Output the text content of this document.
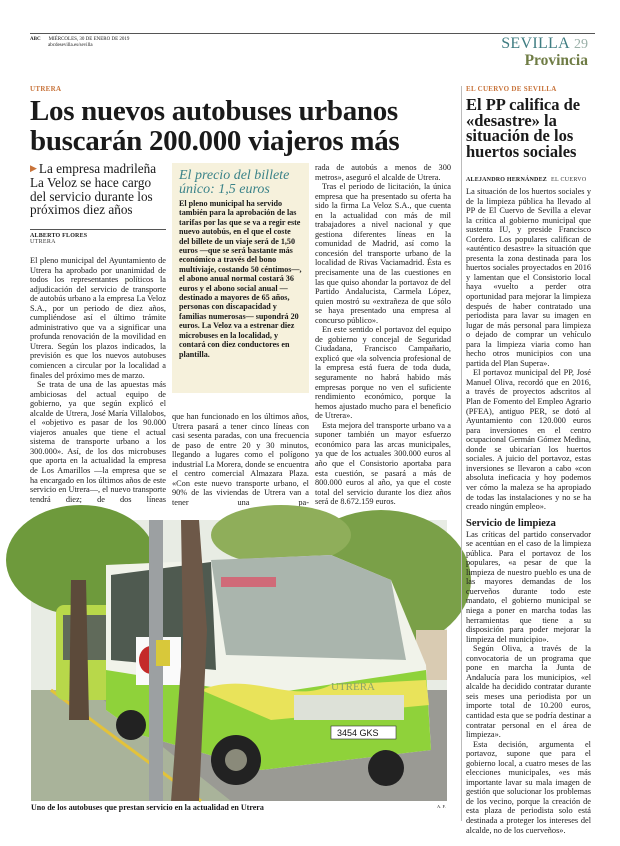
ABC MIÉRCOLES, 30 DE ENERO DE 2019
abcdesevilla.es/sevilla	SEVILLA 29
Provincia
UTRERA
Los nuevos autobuses urbanos
buscarán 200.000 viajeros más
▶ La empresa madrileña La Veloz se hace cargo del servicio durante los próximos diez años
ALBERTO FLORES
UTRERA

El pleno municipal del Ayuntamiento de Utrera ha aprobado por unanimidad de todos los representantes políticos la adjudicación del servicio de transporte de autobús urbano a la empresa La Veloz S.A., por un periodo de diez años, cumpliéndose así el último trámite administrativo que va a significar una profunda renovación de la movilidad en Utrera. Según los plazos indicados, la previsión es que los nuevos autobuses comiencen a circular por la localidad a finales del próximo mes de marzo.

Se trata de una de las apuestas más ambiciosas del actual equipo de gobierno, ya que según explicó el alcalde de Utrera, José María Villalobos, el «objetivo es pasar de los 90.000 viajeros anuales que tiene el actual sistema de transporte urbano a los 300.000». Así, de los dos microbuses que aporta en la actualidad la empresa de Los Amarillos —la empresa que se ha encargado en los últimos años de este servicio en Utrera—, el nuevo transporte tendrá diez; de dos líneas

El precio del billete único: 1,5 euros

El pleno municipal ha servido también para la aprobación de las tarifas por las que se va a regir este nuevo autobús, en el que el coste del billete de un viaje será de 1,50 euros —que se será bastante más económico a través del bono multiviaje, costando 50 céntimos—, el abono anual normal costará 36 euros y el abono social anual —destinado a mayores de 65 años, personas con discapacidad y familias numerosas— supondrá 20 euros. La Veloz va a estrenar diez microbuses en la localidad, y contará con diez conductores en plantilla.

que han funcionado en los últimos años, Utrera pasará a tener cinco líneas con casi sesenta paradas, con una frecuencia de paso de entre 20 y 30 minutos, llegando a lugares como el polígono industrial La Morera, donde se encuentra el centro comercial Almazara Plaza. «Con este nuevo transporte urbano, el 90% de las viviendas de Utrera van a tener una pa-

rada de autobús a menos de 300 metros», aseguró el alcalde de Utrera.

Tras el periodo de licitación, la única empresa que ha presentado su oferta ha sido la firma La Veloz S.A., que cuenta en la actualidad con más de mil trabajadores a nivel nacional y que gestiona diferentes líneas en la comunidad de Madrid, así como la concesión del transporte urbano de la localidad de Rivas Vaciamadrid. Ésta es precisamente una de las cuestiones en las que quiso ahondar la portavoz de del Partido Andalucista, Carmela López, quien mostró su «extrañeza de que sólo se haya presentado una empresa al concurso público».

En este sentido el portavoz del equipo de gobierno y concejal de Seguridad Ciudadana, Francisco Campañario, explicó que «la solvencia profesional de la empresa está fuera de toda duda, seguramente no habrá habido más empresas porque no ven el suficiente rendimiento económico, porque la hemos ajustado mucho para el beneficio de Utrera».

Esta mejora del transporte urbano va a suponer también un mayor esfuerzo económico para las arcas municipales, ya que de los actuales 300.000 euros al año que el Consistorio aportaba para esta cuestión, se pasará a más de 800.000 euros al año, ya que el coste total del servicio durante los diez años será de 8.672.159 euros.

UTRERA
3454 GKS
Uno de los autobuses que prestan servicio en la actualidad en Utrera	A. F.
EL CUERVO DE SEVILLA
El PP califica de «desastre» la situación de los huertos sociales
ALEJANDRO HERNÁNDEZ EL CUERVO

La situación de los huertos sociales y de la limpieza pública ha llevado al PP de El Cuervo de Sevilla a elevar la crítica al gobierno municipal que sustenta IU, y preside Francisco Cordero. Los populares califican de «auténtico desastre» la situación que presenta la zona destinada para los huertos sociales proyectados en 2016 y lamentan que el Consistorio local haya «vuelto a perder otra oportunidad para mejorar la limpieza después de haber contratado una periodista para lavar su imagen en lugar de más personal para limpieza o dejado de comprar un vehículo para la limpieza viaria como han hecho otros municipios con una partida del Plan Supera».

El portavoz municipal del PP, José Manuel Oliva, recordó que en 2016, a través de proyectos adscritos al Plan de Fomento del Empleo Agrario (PFEA), antiguo PER, se dotó al Ayuntamiento con 120.000 euros para inversiones en el centro ocupacional Germán Gómez Medina, donde se ubicarían los huertos sociales. A juicio del portavoz, estas inversiones se llevaron a cabo «con absoluta ineficacia y hoy podemos ver cómo la maleza se ha apropiado de todas las instalaciones y no se ha creado ningún empleo».

Servicio de limpieza

Las críticas del partido conservador se acentúan en el caso de la limpieza pública. Para el portavoz de los populares, «a pesar de que la limpieza de nuestro pueblo es una de las mayores demandas de los cuerveños durante todo este mandato, el gobierno municipal se niega a poner en marcha todas las herramientas que tiene a su disposición para poder mejorar la limpieza del municipio».

Según Oliva, a través de la convocatoria de un programa que pone en marcha la Junta de Andalucía para los municipios, «el alcalde ha decidido contratar durante seis meses una periodista por un importe total de 10.200 euros, cantidad esta que se podría destinar a contratar personal en el área de limpieza».

Esta decisión, argumenta el portavoz, supone que para el gobierno local, a cuatro meses de las elecciones municipales, «es más importante lavar su mala imagen de gestión que solucionar los problemas de los vecino, porque la creación de esta plaza de periodista solo está destinada a proteger los intereses del alcalde, no de los cuerveños».
